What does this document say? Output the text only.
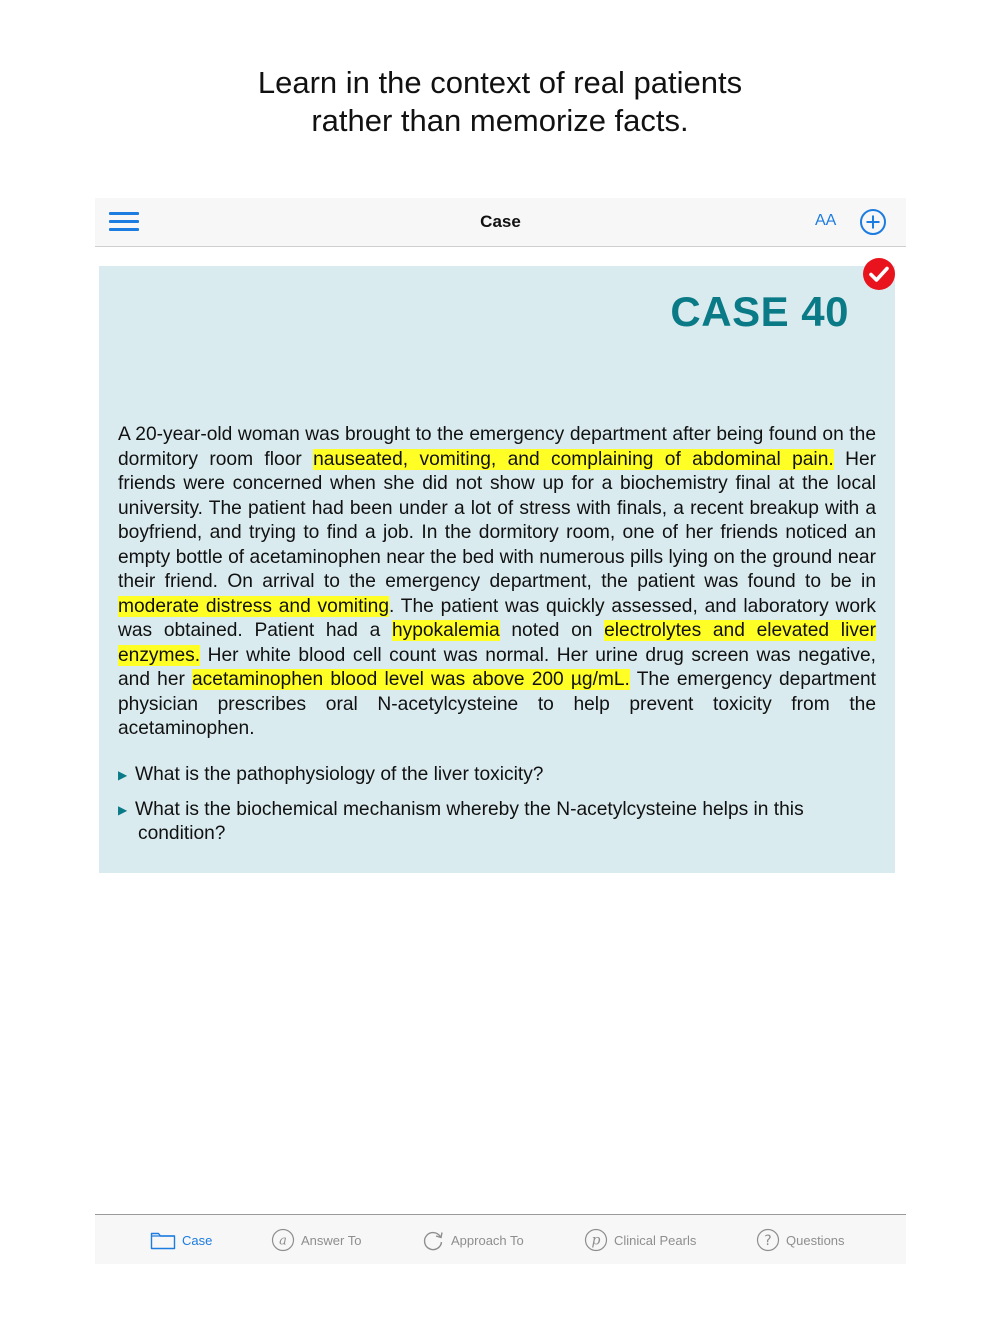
Learn in the context of real patients
rather than memorize facts.
Case	AA
CASE 40
A 20-year-old woman was brought to the emergency department after being found on the dormitory room floor nauseated, vomiting, and complaining of abdominal pain. Her friends were concerned when she did not show up for a biochemistry final at the local university. The patient had been under a lot of stress with finals, a recent breakup with a boyfriend, and trying to find a job. In the dormitory room, one of her friends noticed an empty bottle of acetaminophen near the bed with numerous pills lying on the ground near their friend. On arrival to the emergency department, the patient was found to be in moderate distress and vomiting. The patient was quickly assessed, and laboratory work was obtained. Patient had a hypokalemia noted on electrolytes and elevated liver enzymes. Her white blood cell count was normal. Her urine drug screen was negative, and her acetaminophen blood level was above 200 µg/mL. The emergency department physician prescribes oral N-acetylcysteine to help prevent toxicity from the acetaminophen.
▶ What is the pathophysiology of the liver toxicity?
▶ What is the biochemical mechanism whereby the N-acetylcysteine helps in this
condition?
Case	a Answer To	Approach To	p Clinical Pearls	? Questions
